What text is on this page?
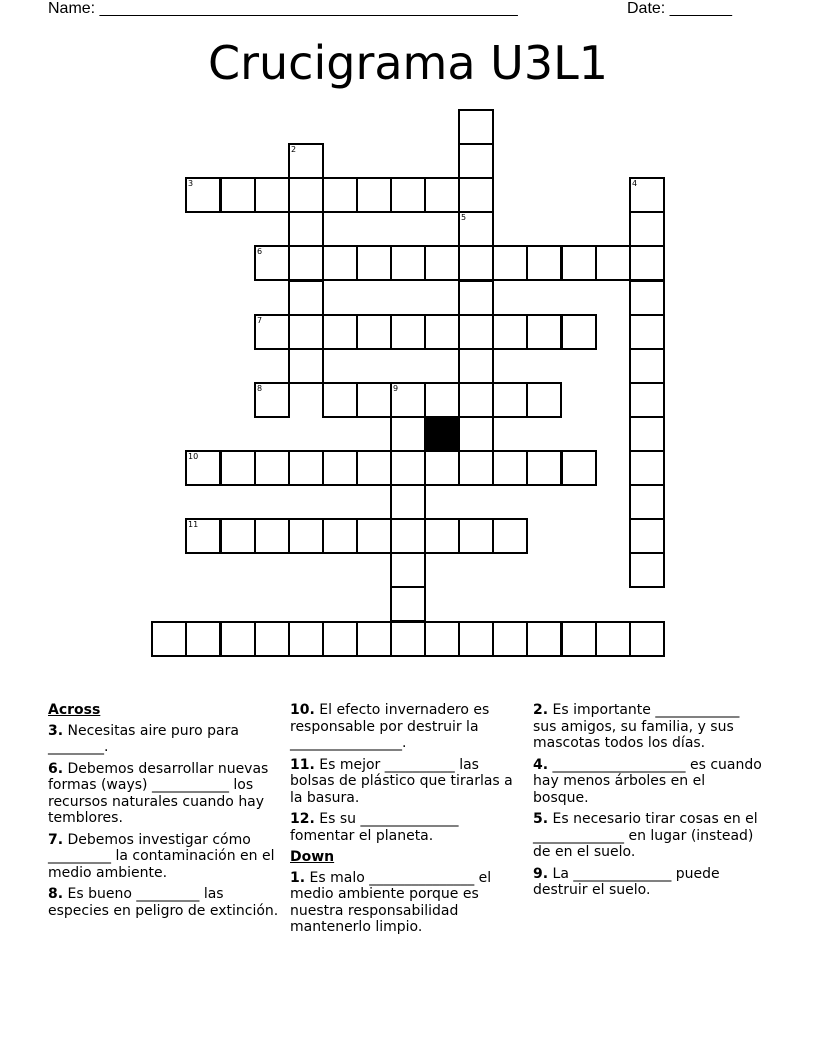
Name: _______________________________________________	Date: _______
Crucigrama U3L1
5
2
3	4
6
7
8	9
10
11
Across
3. Necesitas aire puro para ________.
6. Debemos desarrollar nuevas formas (ways) ___________ los recursos naturales cuando hay temblores.
7. Debemos investigar cómo _________ la contaminación en el medio ambiente.
8. Es bueno _________ las especies en peligro de extinción.
10. El efecto invernadero es responsable por destruir la ________________.
11. Es mejor __________ las bolsas de plástico que tirarlas a la basura.
12. Es su ______________ fomentar el planeta.
Down
1. Es malo _______________ el medio ambiente porque es nuestra responsabilidad mantenerlo limpio.
2. Es importante ____________ sus amigos, su familia, y sus mascotas todos los días.
4. ___________________ es cuando hay menos árboles en el bosque.
5. Es necesario tirar cosas en el _____________ en lugar (instead) de en el suelo.
9. La ______________ puede destruir el suelo.
